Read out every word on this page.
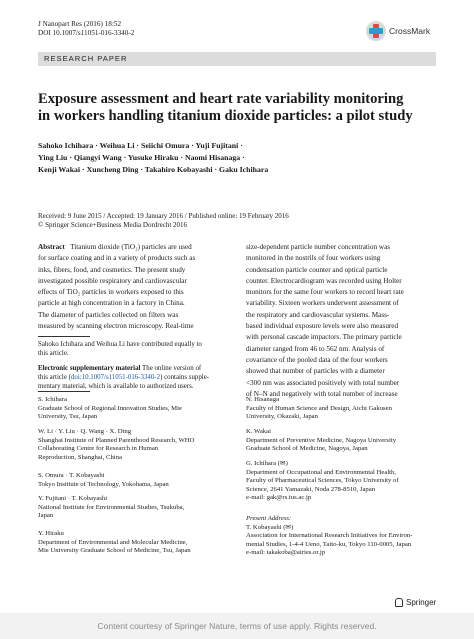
J Nanopart Res (2016) 18:52
DOI 10.1007/s11051-016-3340-2	CrossMark
RESEARCH PAPER
Exposure assessment and heart rate variability monitoring
in workers handling titanium dioxide particles: a pilot study
Sahoko Ichihara · Weihua Li · Seiichi Omura · Yuji Fujitani ·
Ying Liu · Qiangyi Wang · Yusuke Hiraku · Naomi Hisanaga ·
Kenji Wakai · Xuncheng Ding · Takahiro Kobayashi · Gaku Ichihara
Received: 9 June 2015 / Accepted: 19 January 2016 / Published online: 19 February 2016
© Springer Science+Business Media Dordrecht 2016
Abstract Titanium dioxide (TiO₂) particles are used
for surface coating and in a variety of products such as
inks, fibers, food, and cosmetics. The present study
investigated possible respiratory and cardiovascular
effects of TiO₂ particles in workers exposed to this
particle at high concentration in a factory in China.
The diameter of particles collected on filters was
measured by scanning electron microscopy. Real-time
size-dependent particle number concentration was
monitored in the nostrils of four workers using
condensation particle counter and optical particle
counter. Electrocardiogram was recorded using Holter
monitors for the same four workers to record heart rate
variability. Sixteen workers underwent assessment of
the respiratory and cardiovascular systems. Mass-
based individual exposure levels were also measured
with personal cascade impactors. The primary particle
diameter ranged from 46 to 562 nm. Analysis of
covariance of the pooled data of the four workers
showed that number of particles with a diameter
<300 nm was associated positively with total number
of N–N and negatively with total number of increase
Sahoko Ichihara and Weihua Li have contributed equally to
this article.
Electronic supplementary material The online version of
this article (doi:10.1007/s11051-016-3340-2) contains supple-
mentary material, which is available to authorized users.
S. Ichihara
Graduate School of Regional Innovation Studies, Mie
University, Tsu, Japan
W. Li · Y. Liu · Q. Wang · X. Ding
Shanghai Institute of Planned Parenthood Research, WHO
Collaborating Centre for Research in Human
Reproduction, Shanghai, China
S. Omura · T. Kobayashi
Tokyo Institute of Technology, Yokohama, Japan
Y. Fujitani · T. Kobayashi
National Institute for Environmental Studies, Tsukuba,
Japan
Y. Hiraku
Department of Environmental and Molecular Medicine,
Mie University Graduate School of Medicine, Tsu, Japan
N. Hisanaga
Faculty of Human Science and Design, Aichi Gakusen
University, Okazaki, Japan
K. Wakai
Department of Preventive Medicine, Nagoya University
Graduate School of Medicine, Nagoya, Japan
G. Ichihara (✉)
Department of Occupational and Environmental Health,
Faculty of Pharmaceutical Sciences, Tokyo University of
Science, 2641 Yamazaki, Noda 278-8510, Japan
e-mail: gak@rs.tus.ac.jp
Present Address:
T. Kobayashi (✉)
Association for International Research Initiatives for Environ-
mental Studies, 1-4-4 Ueno, Taito-ku, Tokyo 110-0005, Japan
e-mail: takakoba@airies.or.jp
Springer
Content courtesy of Springer Nature, terms of use apply. Rights reserved.
